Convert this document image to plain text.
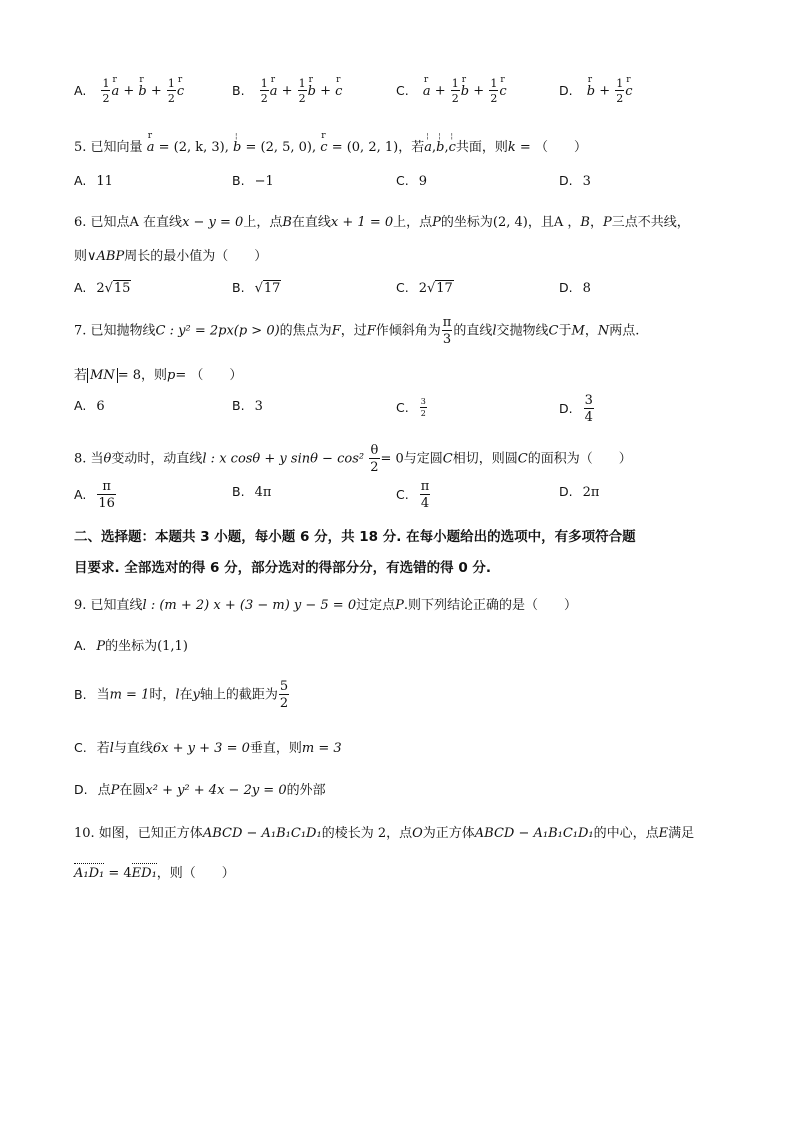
A. $\frac{1}{2}$ r a + r $b + \frac{1}{2}$ r c	B. $\frac{1}{2}$ r $a + \frac{1}{2}$ r b + r c	C. r $a + \frac{1}{2}$ r $b + \frac{1}{2}$ r c	D. r $b + \frac{1}{2}$ r c
5. 已知向量 r a = (2, k, 3), ¦ b = (2, 5, 0), r c = (0, 2, 1)，若¦ a,¦ b,¦ c共面，则k = （　　）
A. 11	B. −1	C. 9	D. 3
6. 已知点A 在直线x − y = 0上，点B在直线x + 1 = 0上，点P的坐标为(2, 4)，且A ，B，P三点不共线，
则∨ABP周长的最小值为（　　）
A. 2√15	B. √17	C. 2√17	D. 8
7. 已知抛物线C : y² = 2px(p > 0)的焦点为F，过F作倾斜角为 $\frac{\pi}{3}$ 的直线l交抛物线C于M，N两点.
若 MN = 8，则p= （　　）
A. 6	B. 3	C. $\frac{3}{2}$	D. $\frac{3}{4}$
8. 当θ变动时，动直线l : x cosθ + y $\sin\theta - \cos^2 \frac{\theta}{2} = 0$与定圆C相切，则圆C的面积为（　　）
A. $\frac{\pi}{16}$	B. 4π	C. $\frac{\pi}{4}$	D. 2π
二、选择题：本题共 3 小题，每小题 6 分，共 18 分. 在每小题给出的选项中，有多项符合题
目要求. 全部选对的得 6 分，部分选对的得部分分，有选错的得 0 分.
9. 已知直线l : (m + 2) x + (3 − m) y − 5 = 0过定点P.则下列结论正确的是（　　）
A. P的坐标为(1,1)
B. 当m = 1时，l在y轴上的截距为 $\frac{5}{2}$
C. 若l与直线6x + y + 3 = 0垂直，则m = 3
D. 点P在圆x² + y² + 4x − 2y = 0的外部
10. 如图，已知正方体ABCD − A₁B₁C₁D₁的棱长为 2，点O为正方体ABCD − A₁B₁C₁D₁的中心，点E满足
A₁D₁ = 4ED₁，则（　　）
